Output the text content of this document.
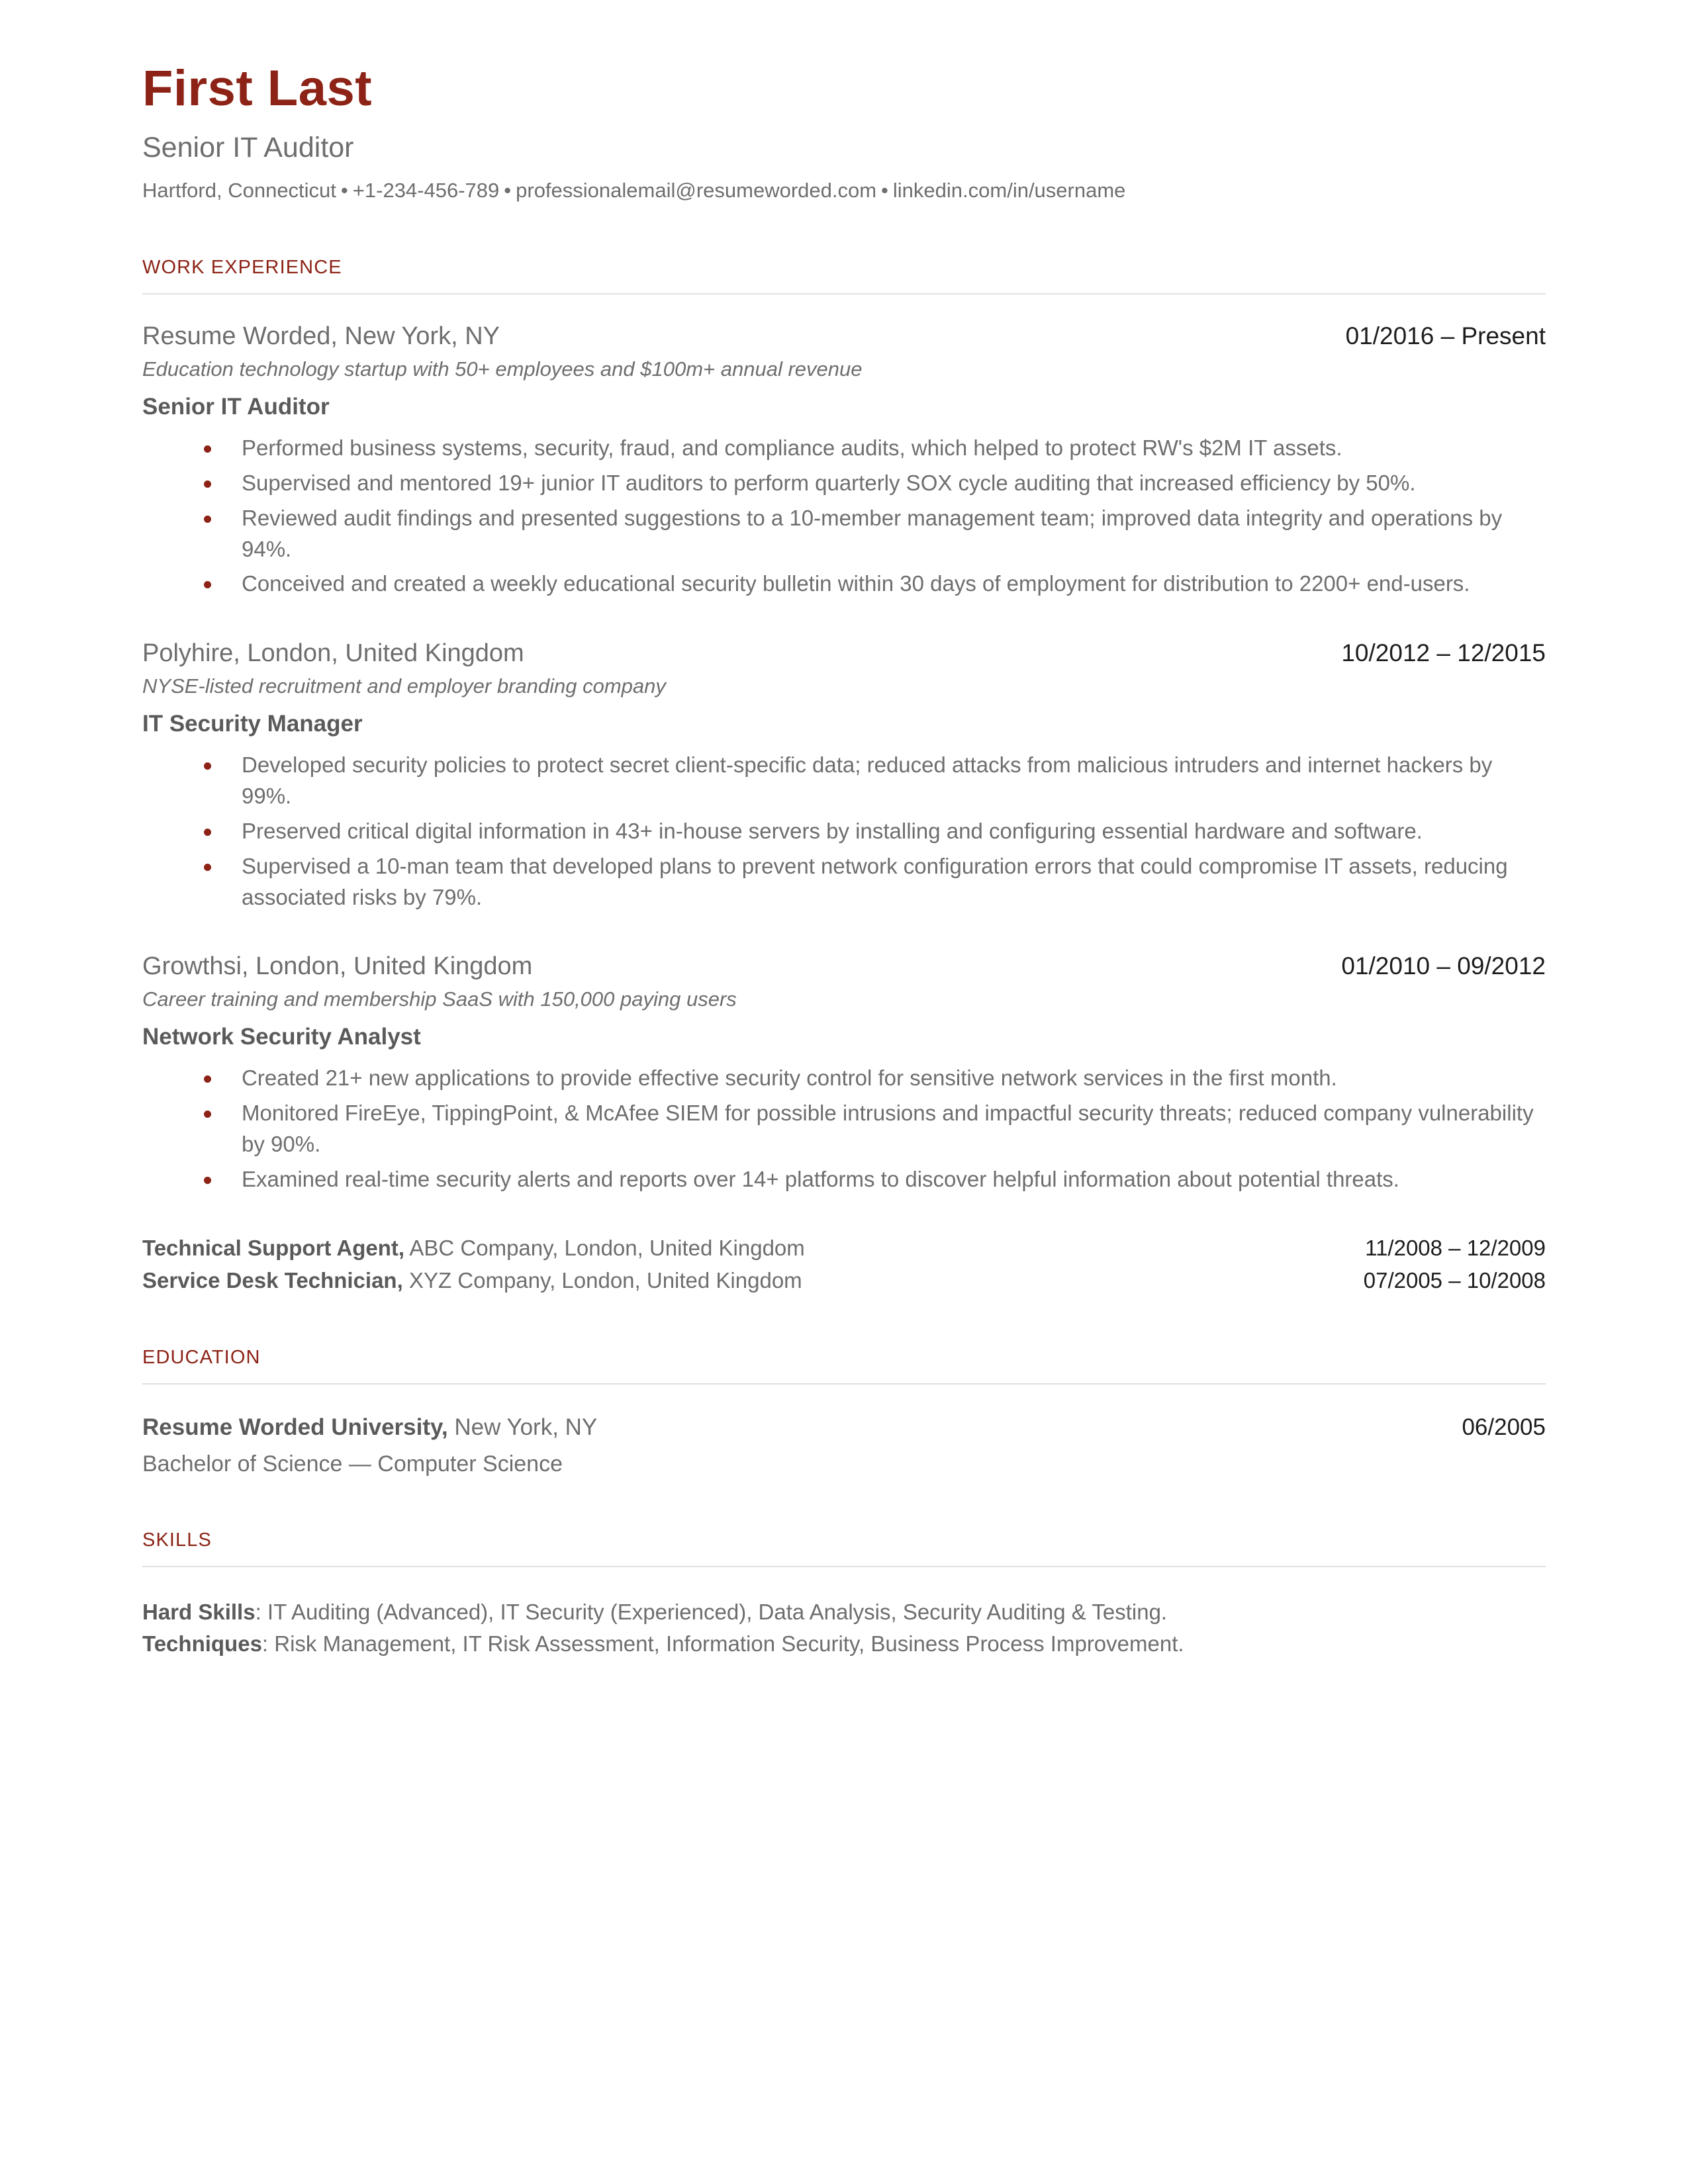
First Last
Senior IT Auditor
Hartford, Connecticut • +1-234-456-789 • professionalemail@resumeworded.com • linkedin.com/in/username
WORK EXPERIENCE
Resume Worded, New York, NY	01/2016 – Present
Education technology startup with 50+ employees and $100m+ annual revenue
Senior IT Auditor
Performed business systems, security, fraud, and compliance audits, which helped to protect RW's $2M IT assets.
Supervised and mentored 19+ junior IT auditors to perform quarterly SOX cycle auditing that increased efficiency by 50%.
Reviewed audit findings and presented suggestions to a 10-member management team; improved data integrity and operations by 94%.
Conceived and created a weekly educational security bulletin within 30 days of employment for distribution to 2200+ end-users.
Polyhire, London, United Kingdom	10/2012 – 12/2015
NYSE-listed recruitment and employer branding company
IT Security Manager
Developed security policies to protect secret client-specific data; reduced attacks from malicious intruders and internet hackers by 99%.
Preserved critical digital information in 43+ in-house servers by installing and configuring essential hardware and software.
Supervised a 10-man team that developed plans to prevent network configuration errors that could compromise IT assets, reducing associated risks by 79%.
Growthsi, London, United Kingdom	01/2010 – 09/2012
Career training and membership SaaS with 150,000 paying users
Network Security Analyst
Created 21+ new applications to provide effective security control for sensitive network services in the first month.
Monitored FireEye, TippingPoint, & McAfee SIEM for possible intrusions and impactful security threats; reduced company vulnerability by 90%.
Examined real-time security alerts and reports over 14+ platforms to discover helpful information about potential threats.
Technical Support Agent, ABC Company, London, United Kingdom	11/2008 – 12/2009
Service Desk Technician, XYZ Company, London, United Kingdom	07/2005 – 10/2008
EDUCATION
Resume Worded University, New York, NY	06/2005
Bachelor of Science — Computer Science
SKILLS
Hard Skills: IT Auditing (Advanced), IT Security (Experienced), Data Analysis, Security Auditing & Testing.
Techniques: Risk Management, IT Risk Assessment, Information Security, Business Process Improvement.
